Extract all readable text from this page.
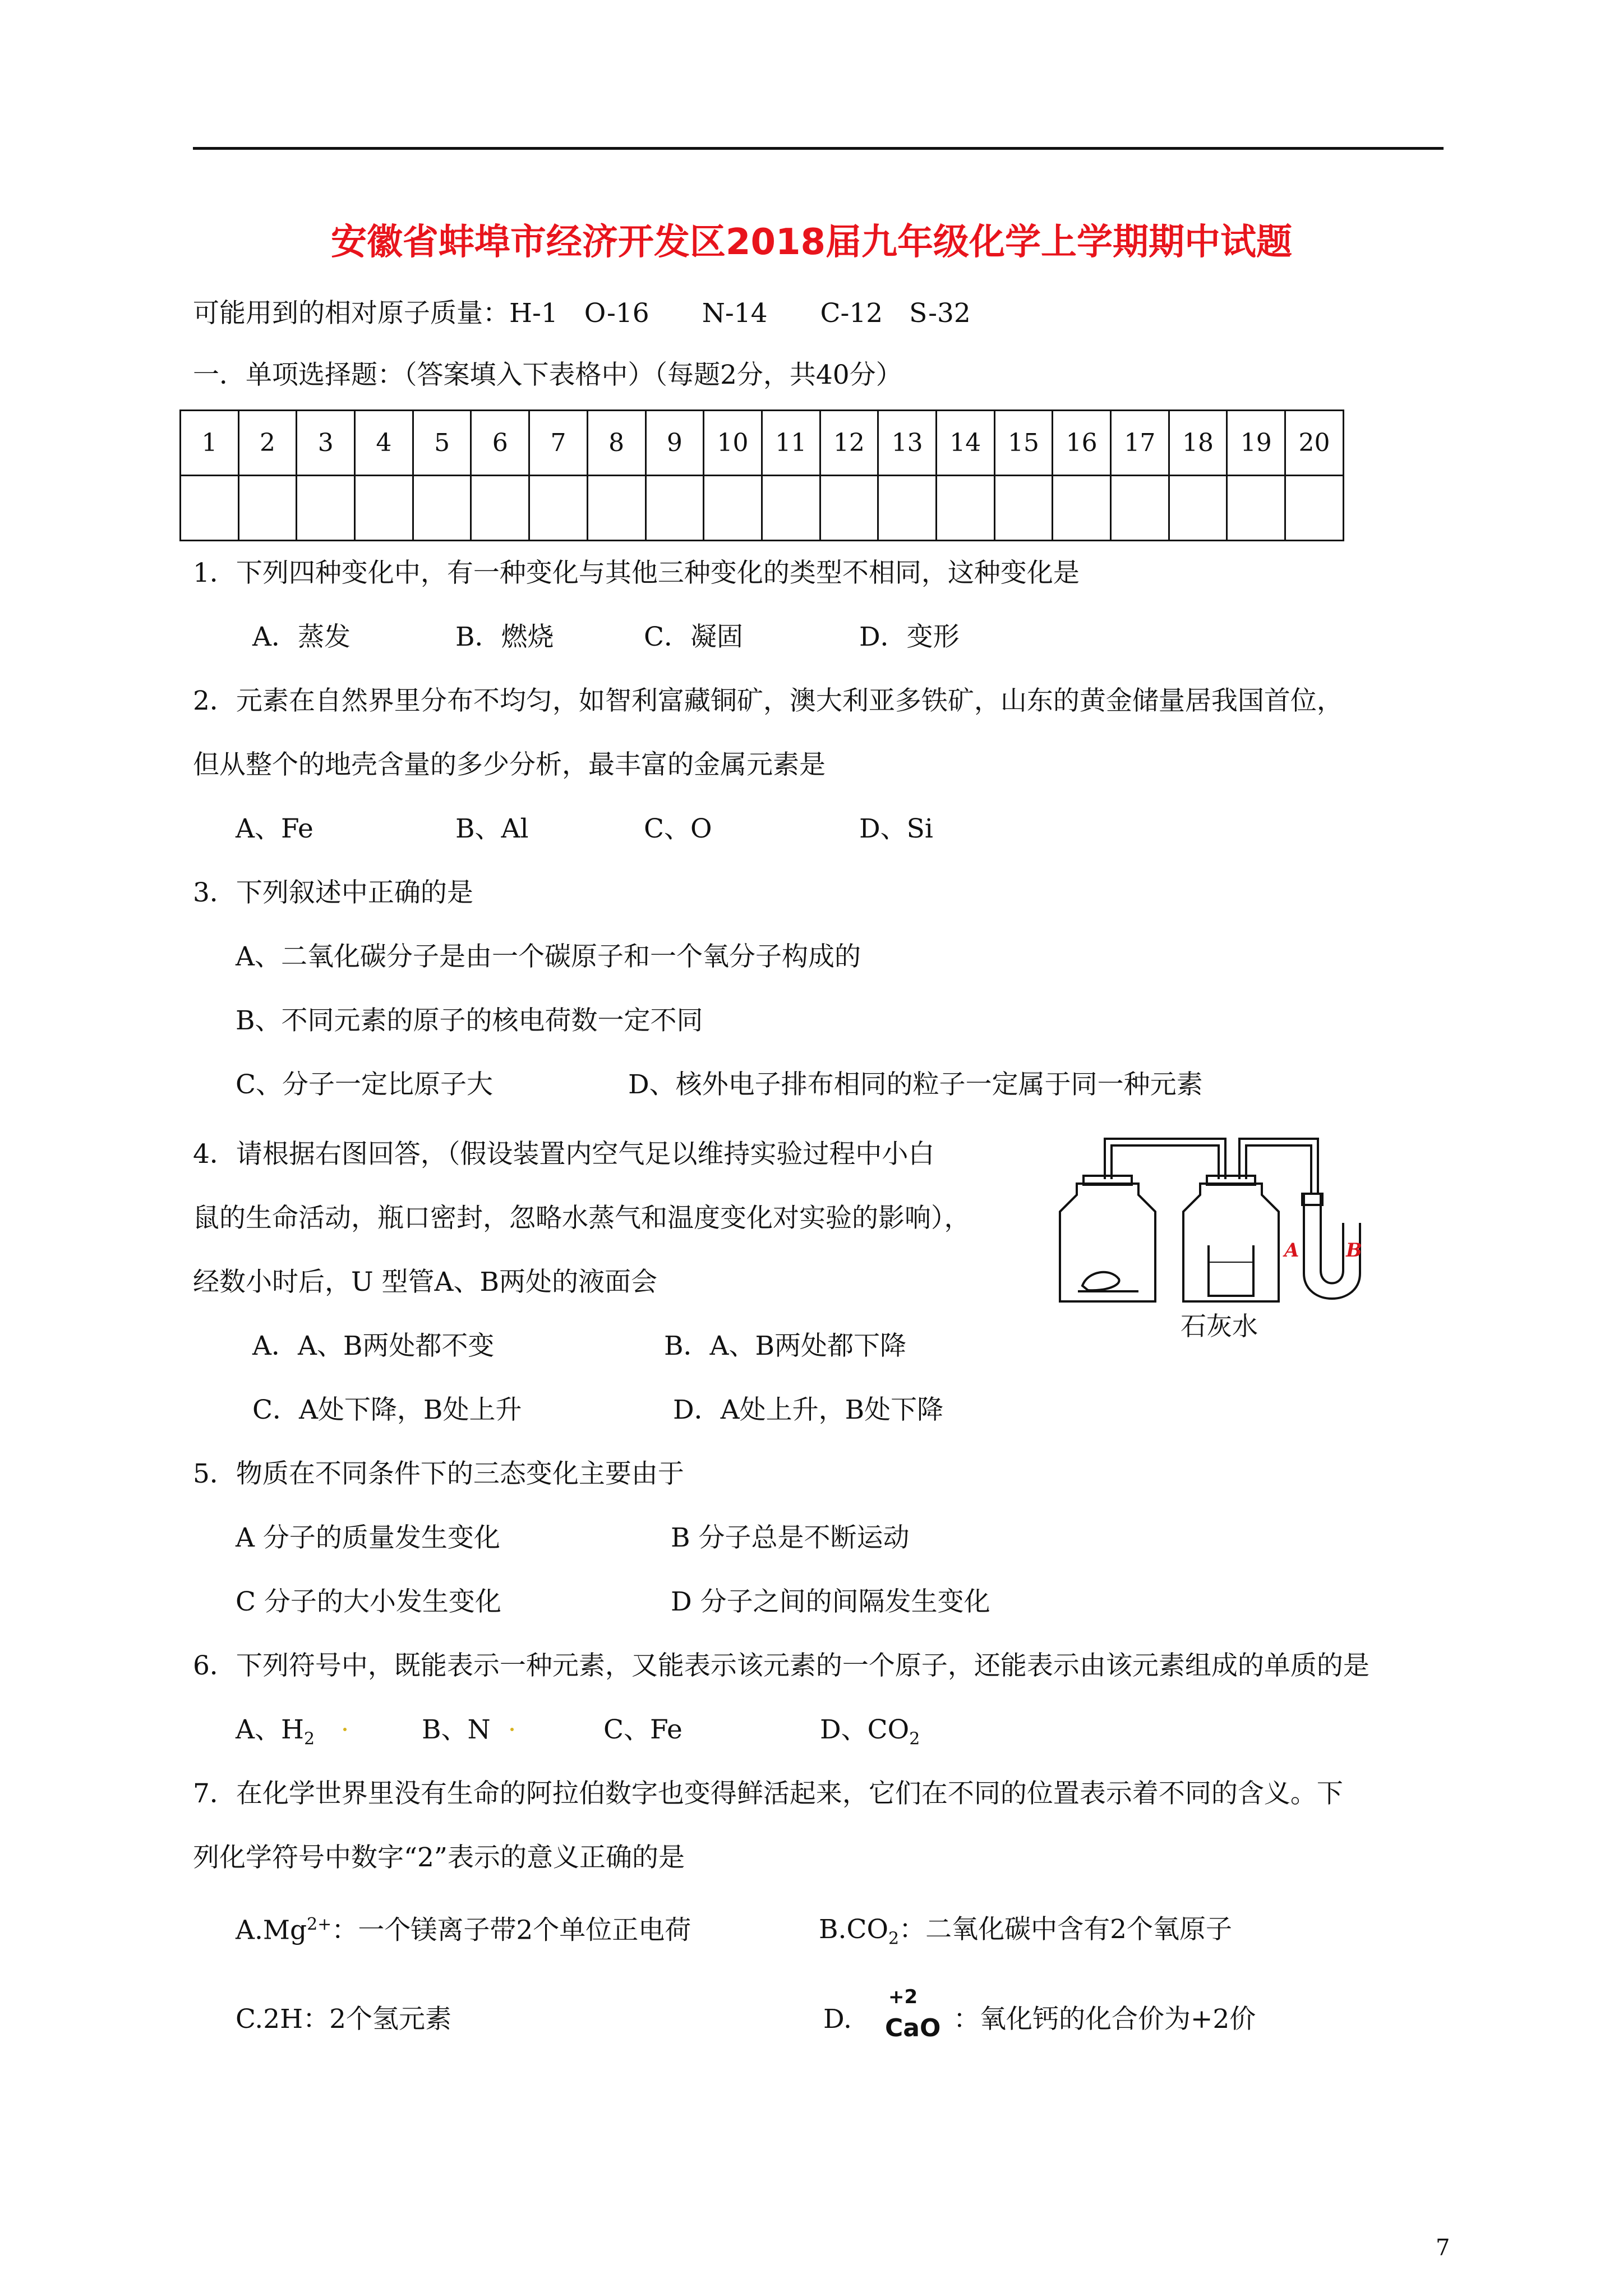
安徽省蚌埠市经济开发区2018届九年级化学上学期期中试题
可能用到的相对原子质量：H-1　O-16　　N-14　　C-12　S-32
一．单项选择题：（答案填入下表格中）（每题2分，共40分）
1	2	3	4	5	6	7	8	9	10	11	12	13	14	15	16	17	18	19	20

1．下列四种变化中，有一种变化与其他三种变化的类型不相同，这种变化是
A．蒸发	B．燃烧	C．凝固	D．变形
2．元素在自然界里分布不均匀，如智利富藏铜矿，澳大利亚多铁矿，山东的黄金储量居我国首位，
但从整个的地壳含量的多少分析，最丰富的金属元素是
A、Fe	B、Al	C、O	D、Si
3．下列叙述中正确的是
A、二氧化碳分子是由一个碳原子和一个氧分子构成的
B、不同元素的原子的核电荷数一定不同
C、分子一定比原子大	D、核外电子排布相同的粒子一定属于同一种元素
4．请根据右图回答，（假设装置内空气足以维持实验过程中小白
鼠的生命活动，瓶口密封，忽略水蒸气和温度变化对实验的影响），
经数小时后，U 型管A、B两处的液面会
A．A、B两处都不变	B．A、B两处都下降
C．A处下降，B处上升	D．A处上升，B处下降
A B
石灰水
5．物质在不同条件下的三态变化主要由于
A 分子的质量发生变化	B 分子总是不断运动
C 分子的大小发生变化	D 分子之间的间隔发生变化
6．下列符号中，既能表示一种元素，又能表示该元素的一个原子，还能表示由该元素组成的单质的是
A、$H_2$	B、N	C、Fe	D、$CO_2$
7．在化学世界里没有生命的阿拉伯数字也变得鲜活起来，它们在不同的位置表示着不同的含义。下
列化学符号中数字“2”表示的意义正确的是
$A.Mg^{2+}$：一个镁离子带2个单位正电荷	$B.CO_2$：二氧化碳中含有2个氧原子
C.2H：2个氢元素	D.
+2
CaO ：氧化钙的化合价为+2价
7
